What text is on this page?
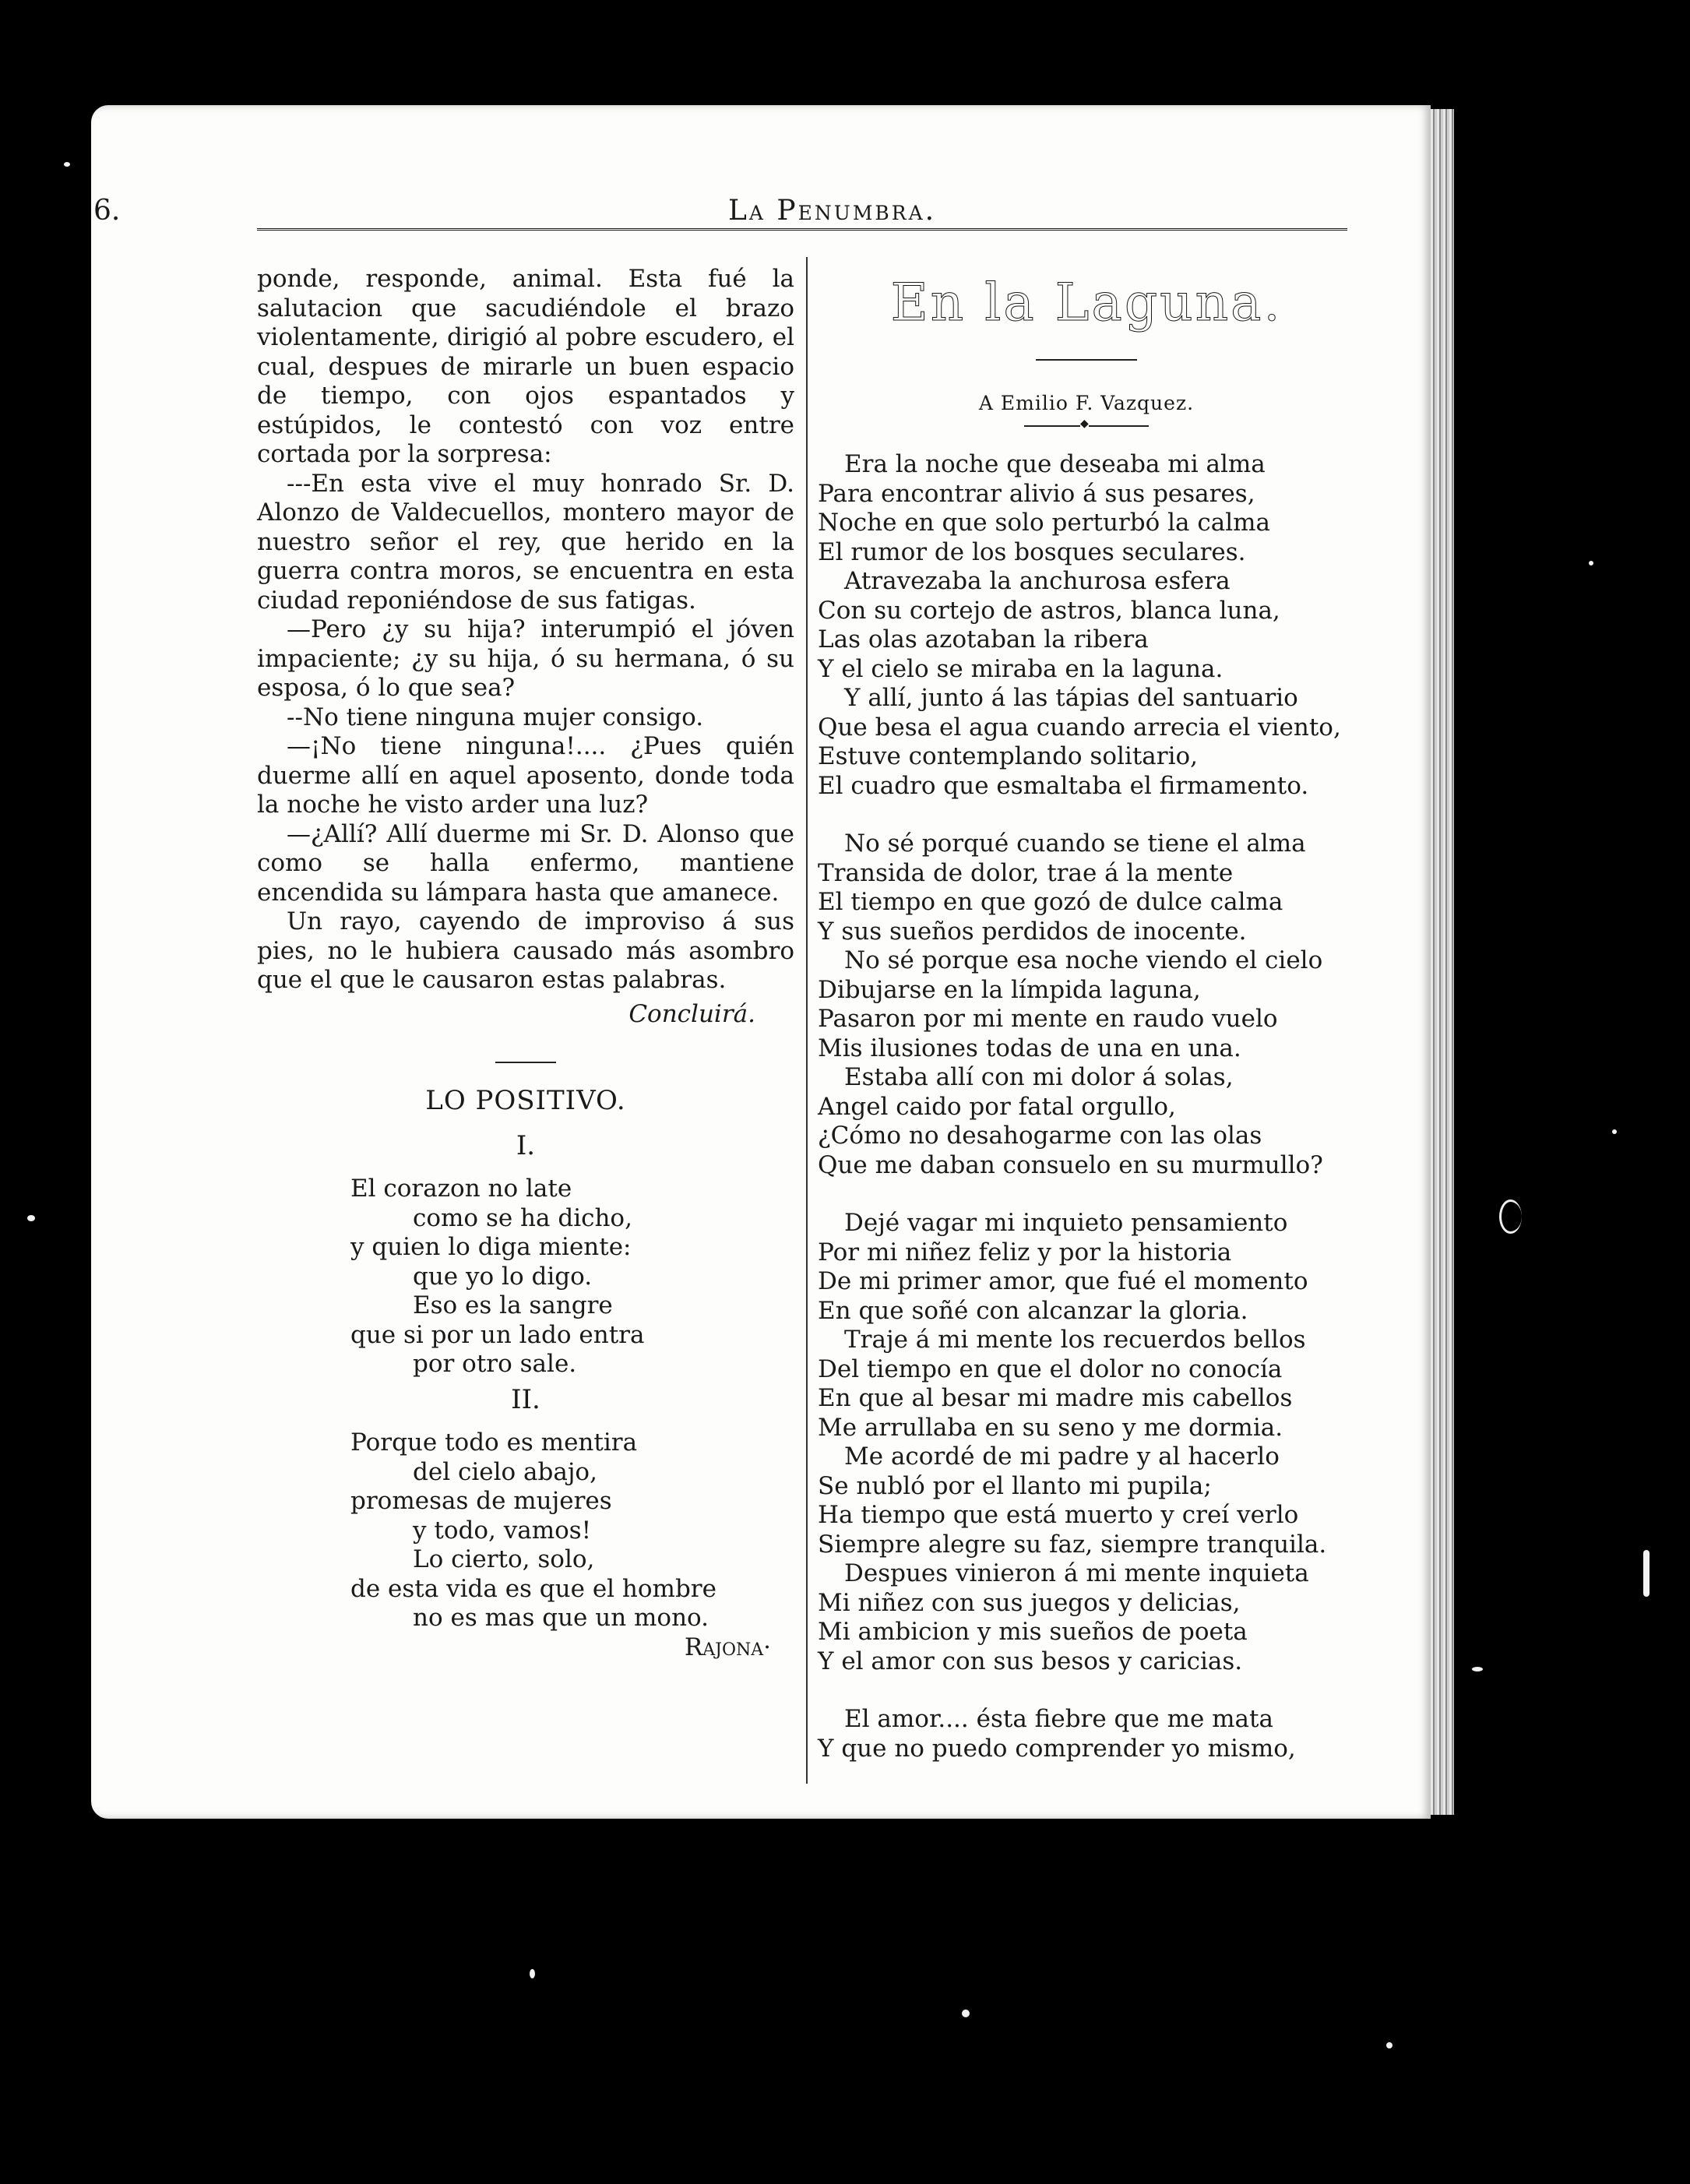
6.	La Penumbra.

ponde, responde, animal. Esta fué la salutacion que sacudiéndole el brazo violentamente, dirigió al pobre escudero, el cual, despues de mirarle un buen espacio de tiempo, con ojos espantados y estúpidos, le contestó con voz entre cortada por la sorpresa:

---En esta vive el muy honrado Sr. D. Alonzo de Valdecuellos, montero mayor de nuestro señor el rey, que herido en la guerra contra moros, se encuentra en esta ciudad reponiéndose de sus fatigas.

—Pero ¿y su hija? interumpió el jóven impaciente; ¿y su hija, ó su hermana, ó su esposa, ó lo que sea?

--No tiene ninguna mujer consigo.

—¡No tiene ninguna!.... ¿Pues quién duerme allí en aquel aposento, donde toda la noche he visto arder una luz?

—¿Allí? Allí duerme mi Sr. D. Alonso que como se halla enfermo, mantiene encendida su lámpara hasta que amanece.

Un rayo, cayendo de improviso á sus pies, no le hubiera causado más asombro que el que le causaron estas palabras.

Concluirá.
LO POSITIVO.
I.
El corazon no late
como se ha dicho,
y quien lo diga miente:
que yo lo digo.
Eso es la sangre
que si por un lado entra
por otro sale.
II.
Porque todo es mentira
del cielo abajo,
promesas de mujeres
y todo, vamos!
Lo cierto, solo,
de esta vida es que el hombre
no es mas que un mono.
Rajona·
En la Laguna.
A Emilio F. Vazquez.
◆
Era la noche que deseaba mi alma
Para encontrar alivio á sus pesares,
Noche en que solo perturbó la calma
El rumor de los bosques seculares.
Atravezaba la anchurosa esfera
Con su cortejo de astros, blanca luna,
Las olas azotaban la ribera
Y el cielo se miraba en la laguna.
Y allí, junto á las tápias del santuario
Que besa el agua cuando arrecia el viento,
Estuve contemplando solitario,
El cuadro que esmaltaba el firmamento.
No sé porqué cuando se tiene el alma
Transida de dolor, trae á la mente
El tiempo en que gozó de dulce calma
Y sus sueños perdidos de inocente.
No sé porque esa noche viendo el cielo
Dibujarse en la límpida laguna,
Pasaron por mi mente en raudo vuelo
Mis ilusiones todas de una en una.
Estaba allí con mi dolor á solas,
Angel caido por fatal orgullo,
¿Cómo no desahogarme con las olas
Que me daban consuelo en su murmullo?
Dejé vagar mi inquieto pensamiento
Por mi niñez feliz y por la historia
De mi primer amor, que fué el momento
En que soñé con alcanzar la gloria.
Traje á mi mente los recuerdos bellos
Del tiempo en que el dolor no conocía
En que al besar mi madre mis cabellos
Me arrullaba en su seno y me dormia.
Me acordé de mi padre y al hacerlo
Se nubló por el llanto mi pupila;
Ha tiempo que está muerto y creí verlo
Siempre alegre su faz, siempre tranquila.
Despues vinieron á mi mente inquieta
Mi niñez con sus juegos y delicias,
Mi ambicion y mis sueños de poeta
Y el amor con sus besos y caricias.
El amor.... ésta fiebre que me mata
Y que no puedo comprender yo mismo,
